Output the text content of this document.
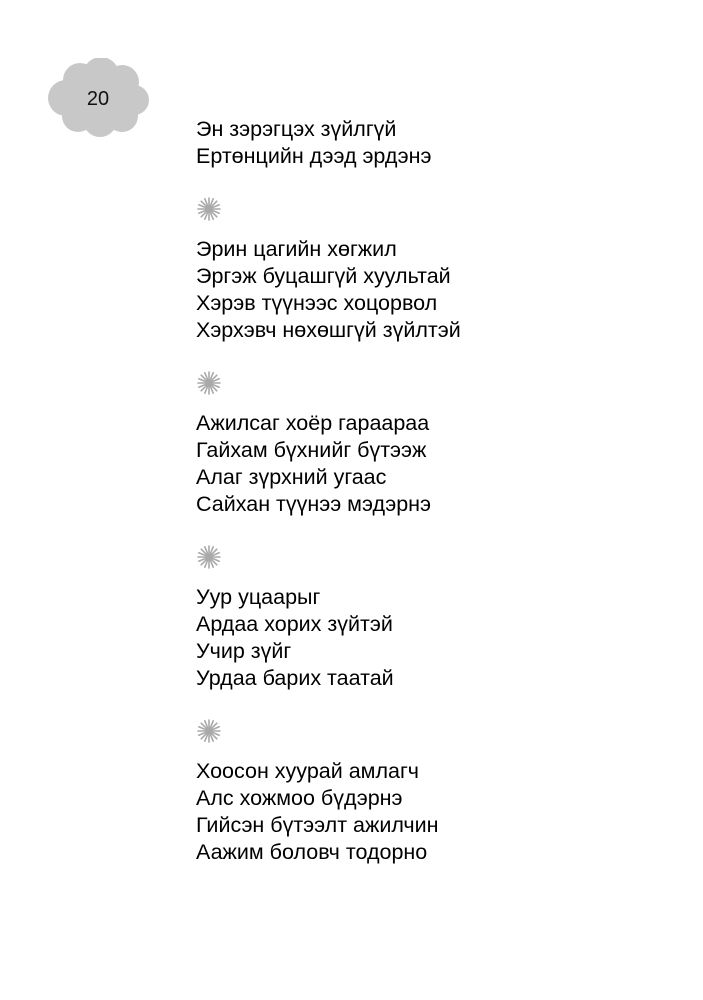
20
Эн зэрэгцэх зүйлгүй
Ертөнцийн дээд эрдэнэ
Эрин цагийн хөгжил
Эргэж буцашгүй хуультай
Хэрэв түүнээс хоцорвол
Хэрхэвч нөхөшгүй зүйлтэй
Ажилсаг хоёр гараараа
Гайхам бүхнийг бүтээж
Алаг зүрхний угаас
Сайхан түүнээ мэдэрнэ
Уур уцаарыг
Ардаа хорих зүйтэй
Учир зүйг
Урдаа барих таатай
Хоосон хуурай амлагч
Алс хожмоо бүдэрнэ
Гийсэн бүтээлт ажилчин
Аажим боловч тодорно
